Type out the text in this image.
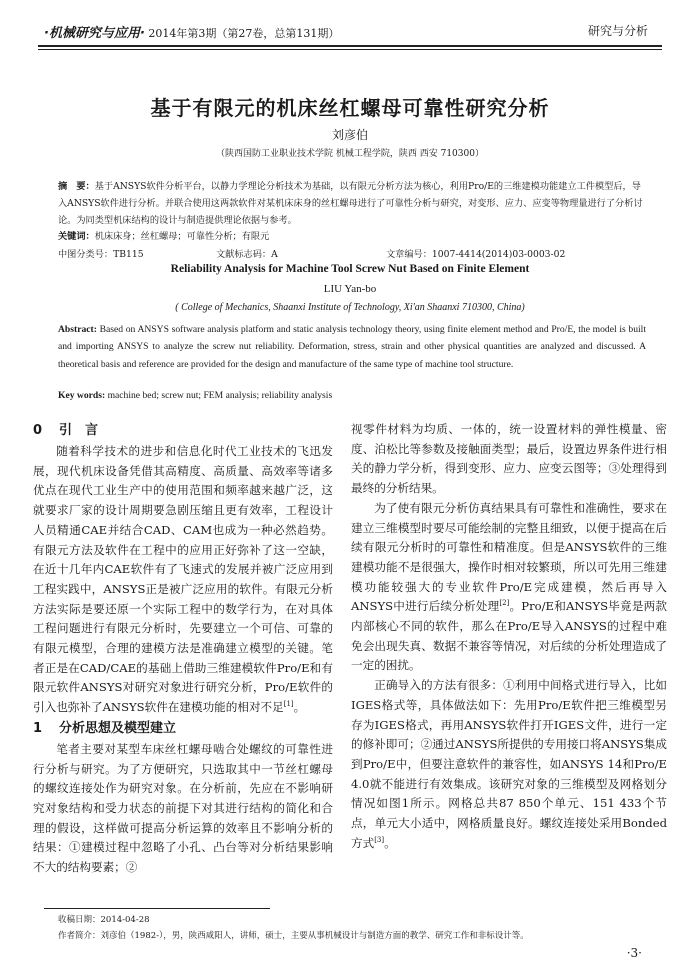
·机械研究与应用· 2014年第3期（第27卷，总第131期）	研究与分析
基于有限元的机床丝杠螺母可靠性研究分析
刘彦伯
（陕西国防工业职业技术学院 机械工程学院，陕西 西安 710300）
摘　要：基于ANSYS软件分析平台，以静力学理论分析技术为基础，以有限元分析方法为核心，利用Pro/E的三维建模功能建立工件模型后，导入ANSYS软件进行分析。并联合使用这两款软件对某机床床身的丝杠螺母进行了可靠性分析与研究，对变形、应力、应变等物理量进行了分析讨论。为同类型机床结构的设计与制造提供理论依据与参考。
关键词：机床床身；丝杠螺母；可靠性分析；有限元
中图分类号：TB115	文献标志码：A	文章编号：1007-4414(2014)03-0003-02
Reliability Analysis for Machine Tool Screw Nut Based on Finite Element
LIU Yan-bo
( College of Mechanics, Shaanxi Institute of Technology, Xi'an Shaanxi 710300, China)
Abstract: Based on ANSYS software analysis platform and static analysis technology theory, using finite element method and Pro/E, the model is built and importing ANSYS to analyze the screw nut reliability. Deformation, stress, strain and other physical quantities are analyzed and discussed. A theoretical basis and reference are provided for the design and manufacture of the same type of machine tool structure.
Key words: machine bed; screw nut; FEM analysis; reliability analysis
0 引　言

随着科学技术的进步和信息化时代工业技术的飞迅发展，现代机床设备凭借其高精度、高质量、高效率等诸多优点在现代工业生产中的使用范围和频率越来越广泛，这就要求厂家的设计周期要急剧压缩且更有效率，工程设计人员精通CAE并结合CAD、CAM也成为一种必然趋势。有限元方法及软件在工程中的应用正好弥补了这一空缺，在近十几年内CAE软件有了飞速式的发展并被广泛应用到工程实践中，ANSYS正是被广泛应用的软件。有限元分析方法实际是要还原一个实际工程中的数学行为，在对具体工程问题进行有限元分析时，先要建立一个可信、可靠的有限元模型，合理的建模方法是准确建立模型的关键。笔者正是在CAD/CAE的基础上借助三维建模软件Pro/E和有限元软件ANSYS对研究对象进行研究分析，Pro/E软件的引入也弥补了ANSYS软件在建模功能的相对不足[1]。

1 分析思想及模型建立

笔者主要对某型车床丝杠螺母啮合处螺纹的可靠性进行分析与研究。为了方便研究，只选取其中一节丝杠螺母的螺纹连接处作为研究对象。在分析前，先应在不影响研究对象结构和受力状态的前提下对其进行结构的简化和合理的假设，这样做可提高分析运算的效率且不影响分析的结果：①建模过程中忽略了小孔、凸台等对分析结果影响不大的结构要素；②

视零件材料为均质、一体的，统一设置材料的弹性模量、密度、泊松比等参数及接触面类型；最后，设置边界条件进行相关的静力学分析，得到变形、应力、应变云图等；③处理得到最终的分析结果。

为了使有限元分析仿真结果具有可靠性和准确性，要求在建立三维模型时要尽可能绘制的完整且细致，以便于提高在后续有限元分析时的可靠性和精准度。但是ANSYS软件的三维建模功能不是很强大，操作时相对较繁琐，所以可先用三维建模功能较强大的专业软件Pro/E完成建模，然后再导入ANSYS中进行后续分析处理[2]。Pro/E和ANSYS毕竟是两款内部核心不同的软件，那么在Pro/E导入ANSYS的过程中难免会出现失真、数据不兼容等情况，对后续的分析处理造成了一定的困扰。

正确导入的方法有很多：①利用中间格式进行导入，比如IGES格式等，具体做法如下：先用Pro/E软件把三维模型另存为IGES格式，再用ANSYS软件打开IGES文件，进行一定的修补即可；②通过ANSYS所提供的专用接口将ANSYS集成到Pro/E中，但要注意软件的兼容性，如ANSYS 14和Pro/E 4.0就不能进行有效集成。该研究对象的三维模型及网格划分情况如图1所示。网格总共87 850个单元、151 433个节点，单元大小适中，网格质量良好。螺纹连接处采用Bonded方式[3]。

收稿日期：2014-04-28
作者简介：刘彦伯（1982-），男，陕西咸阳人，讲师，硕士，主要从事机械设计与制造方面的教学、研究工作和非标设计等。
·3·
